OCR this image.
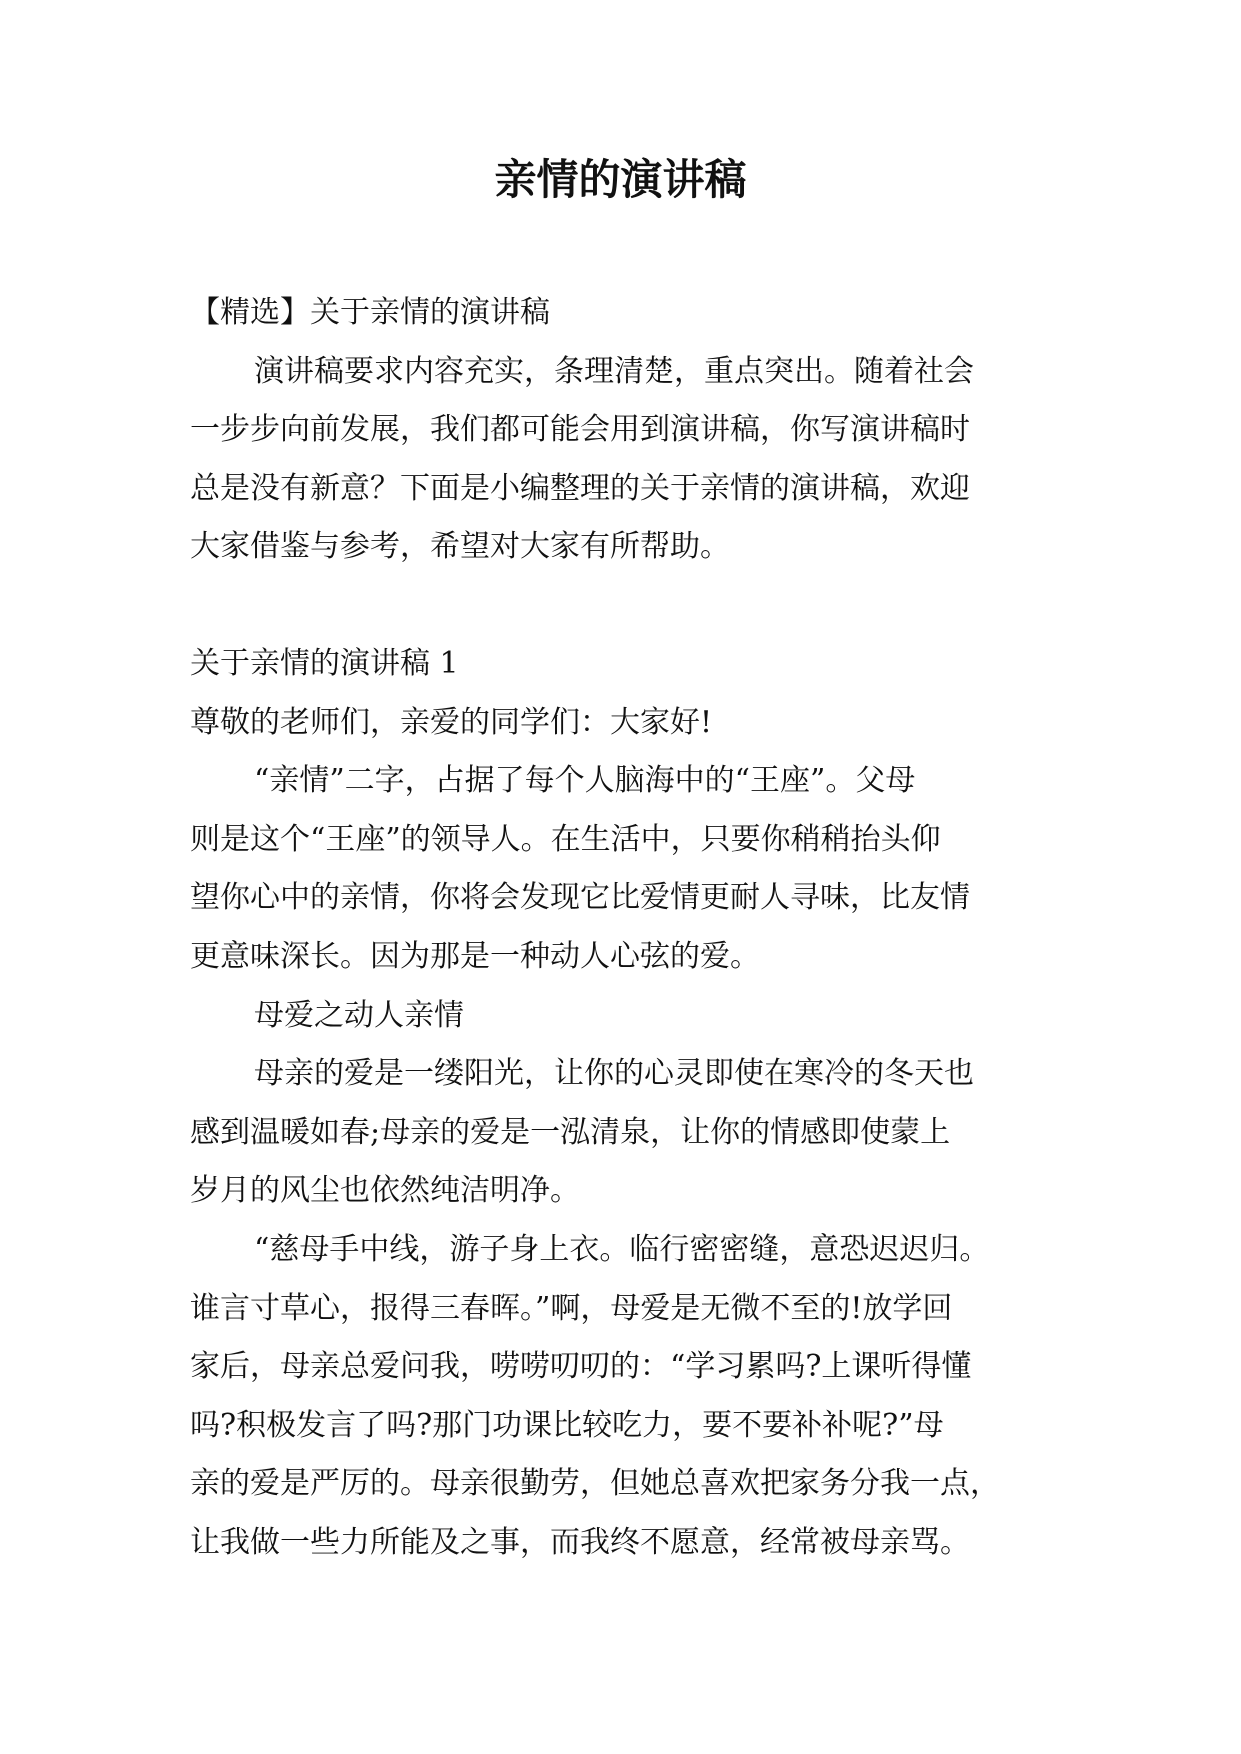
亲情的演讲稿
【精选】关于亲情的演讲稿
演讲稿要求内容充实，条理清楚，重点突出。随着社会
一步步向前发展，我们都可能会用到演讲稿，你写演讲稿时
总是没有新意？下面是小编整理的关于亲情的演讲稿，欢迎
大家借鉴与参考，希望对大家有所帮助。
关于亲情的演讲稿 1
尊敬的老师们，亲爱的同学们：大家好!
“亲情”二字，占据了每个人脑海中的“王座”。父母
则是这个“王座”的领导人。在生活中，只要你稍稍抬头仰
望你心中的亲情，你将会发现它比爱情更耐人寻味，比友情
更意味深长。因为那是一种动人心弦的爱。
母爱之动人亲情
母亲的爱是一缕阳光，让你的心灵即使在寒冷的冬天也
感到温暖如春;母亲的爱是一泓清泉，让你的情感即使蒙上
岁月的风尘也依然纯洁明净。
“慈母手中线，游子身上衣。临行密密缝，意恐迟迟归。
谁言寸草心，报得三春晖。”啊，母爱是无微不至的!放学回
家后，母亲总爱问我，唠唠叨叨的：“学习累吗?上课听得懂
吗?积极发言了吗?那门功课比较吃力，要不要补补呢?”母
亲的爱是严厉的。母亲很勤劳，但她总喜欢把家务分我一点，
让我做一些力所能及之事，而我终不愿意，经常被母亲骂。
